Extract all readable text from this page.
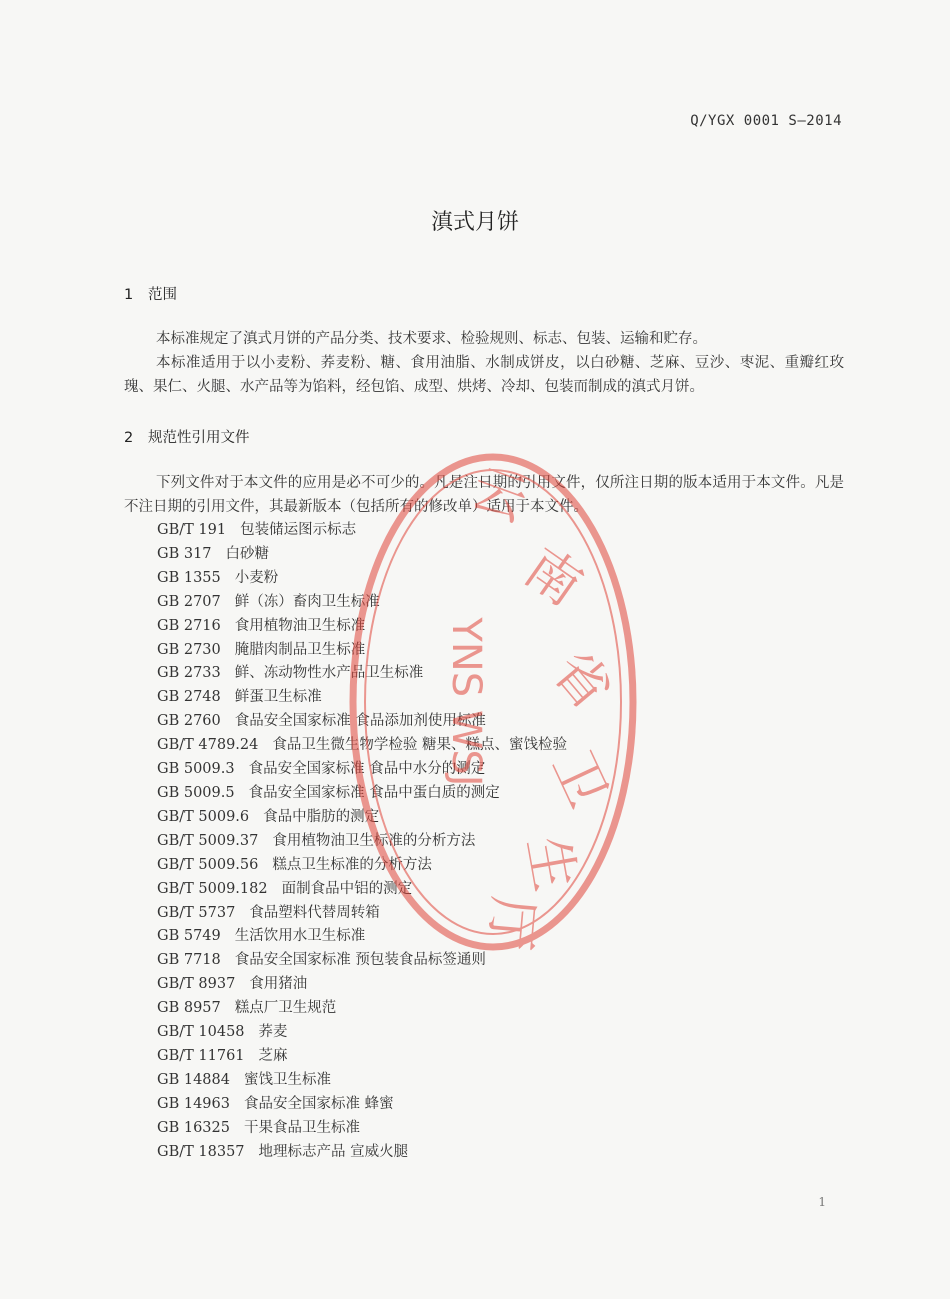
Q/YGX 0001 S—2014
滇式月饼
1 范围

本标准规定了滇式月饼的产品分类、技术要求、检验规则、标志、包装、运输和贮存。

本标准适用于以小麦粉、荞麦粉、糖、食用油脂、水制成饼皮，以白砂糖、芝麻、豆沙、枣泥、重瓣红玫瑰、果仁、火腿、水产品等为馅料，经包馅、成型、烘烤、冷却、包装而制成的滇式月饼。

2 规范性引用文件

下列文件对于本文件的应用是必不可少的。凡是注日期的引用文件，仅所注日期的版本适用于本文件。凡是不注日期的引用文件，其最新版本（包括所有的修改单）适用于本文件。

GB/T 191 包装储运图示标志
GB 317 白砂糖
GB 1355 小麦粉
GB 2707 鲜（冻）畜肉卫生标准
GB 2716 食用植物油卫生标准
GB 2730 腌腊肉制品卫生标准
GB 2733 鲜、冻动物性水产品卫生标准
GB 2748 鲜蛋卫生标准
GB 2760 食品安全国家标准 食品添加剂使用标准
GB/T 4789.24 食品卫生微生物学检验 糖果、糕点、蜜饯检验
GB 5009.3 食品安全国家标准 食品中水分的测定
GB 5009.5 食品安全国家标准 食品中蛋白质的测定
GB/T 5009.6 食品中脂肪的测定
GB/T 5009.37 食用植物油卫生标准的分析方法
GB/T 5009.56 糕点卫生标准的分析方法
GB/T 5009.182 面制食品中铝的测定
GB/T 5737 食品塑料代替周转箱
GB 5749 生活饮用水卫生标准
GB 7718 食品安全国家标准 预包装食品标签通则
GB/T 8937 食用猪油
GB 8957 糕点厂卫生规范
GB/T 10458 荞麦
GB/T 11761 芝麻
GB 14884 蜜饯卫生标准
GB 14963 食品安全国家标准 蜂蜜
GB 16325 干果食品卫生标准
GB/T 18357 地理标志产品 宣威火腿
云
南
省
卫
生
厅
YNS WSJ
1
